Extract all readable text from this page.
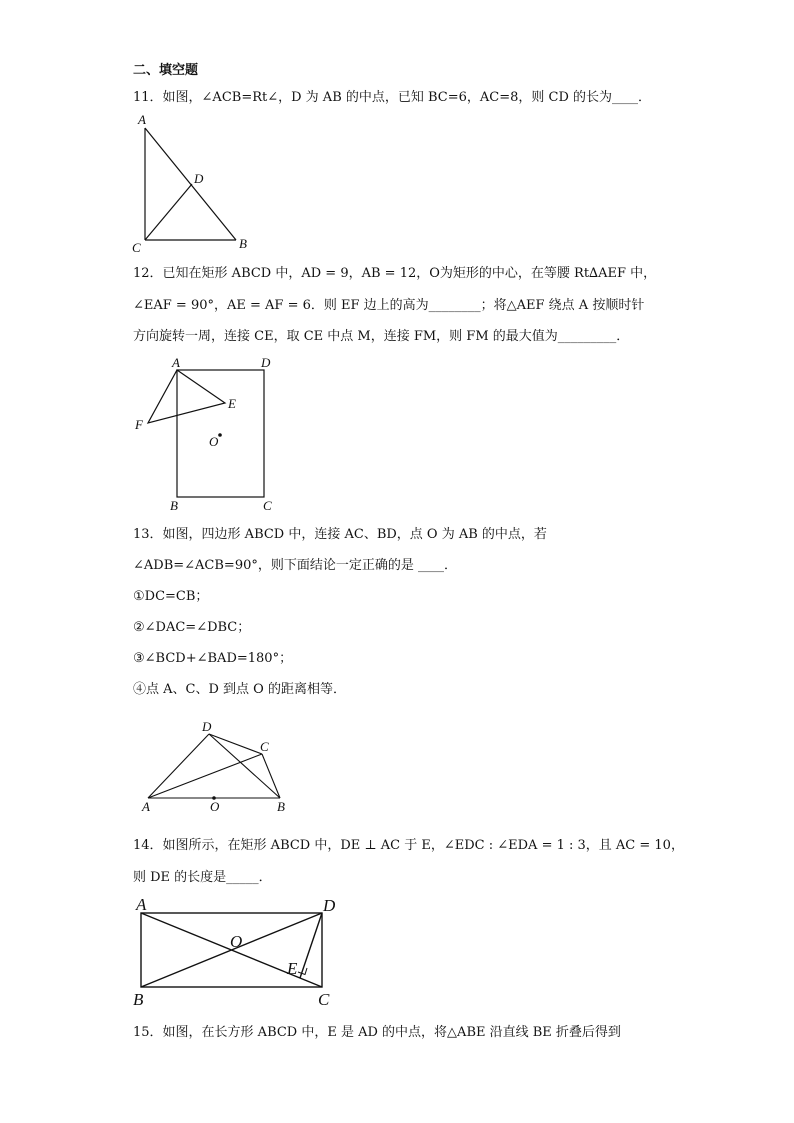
二、填空题
11．如图，∠ACB=Rt∠，D 为 AB 的中点，已知 BC=6，AC=8，则 CD 的长为____．
A
D
C	B
12．已知在矩形 ABCD 中，AD = 9，AB = 12，O为矩形的中心，在等腰 Rt∆AEF 中，
∠EAF = 90°，AE = AF = 6．则 EF 边上的高为________；将△AEF 绕点 A 按顺时针
方向旋转一周，连接 CE，取 CE 中点 M，连接 FM，则 FM 的最大值为_________．
A	D
E
F
O
B	C
13．如图，四边形 ABCD 中，连接 AC、BD，点 O 为 AB 的中点，若
∠ADB=∠ACB=90°，则下面结论一定正确的是 ____．
①DC=CB；
②∠DAC=∠DBC；
③∠BCD+∠BAD=180°；
④点 A、C、D 到点 O 的距离相等．
D
C
A	O	B
14．如图所示，在矩形 ABCD 中，DE ⊥ AC 于 E，∠EDC : ∠EDA = 1 : 3，且 AC = 10，
则 DE 的长度是_____．
A	D
O
E
B	C
15．如图，在长方形 ABCD 中，E 是 AD 的中点，将△ABE 沿直线 BE 折叠后得到
